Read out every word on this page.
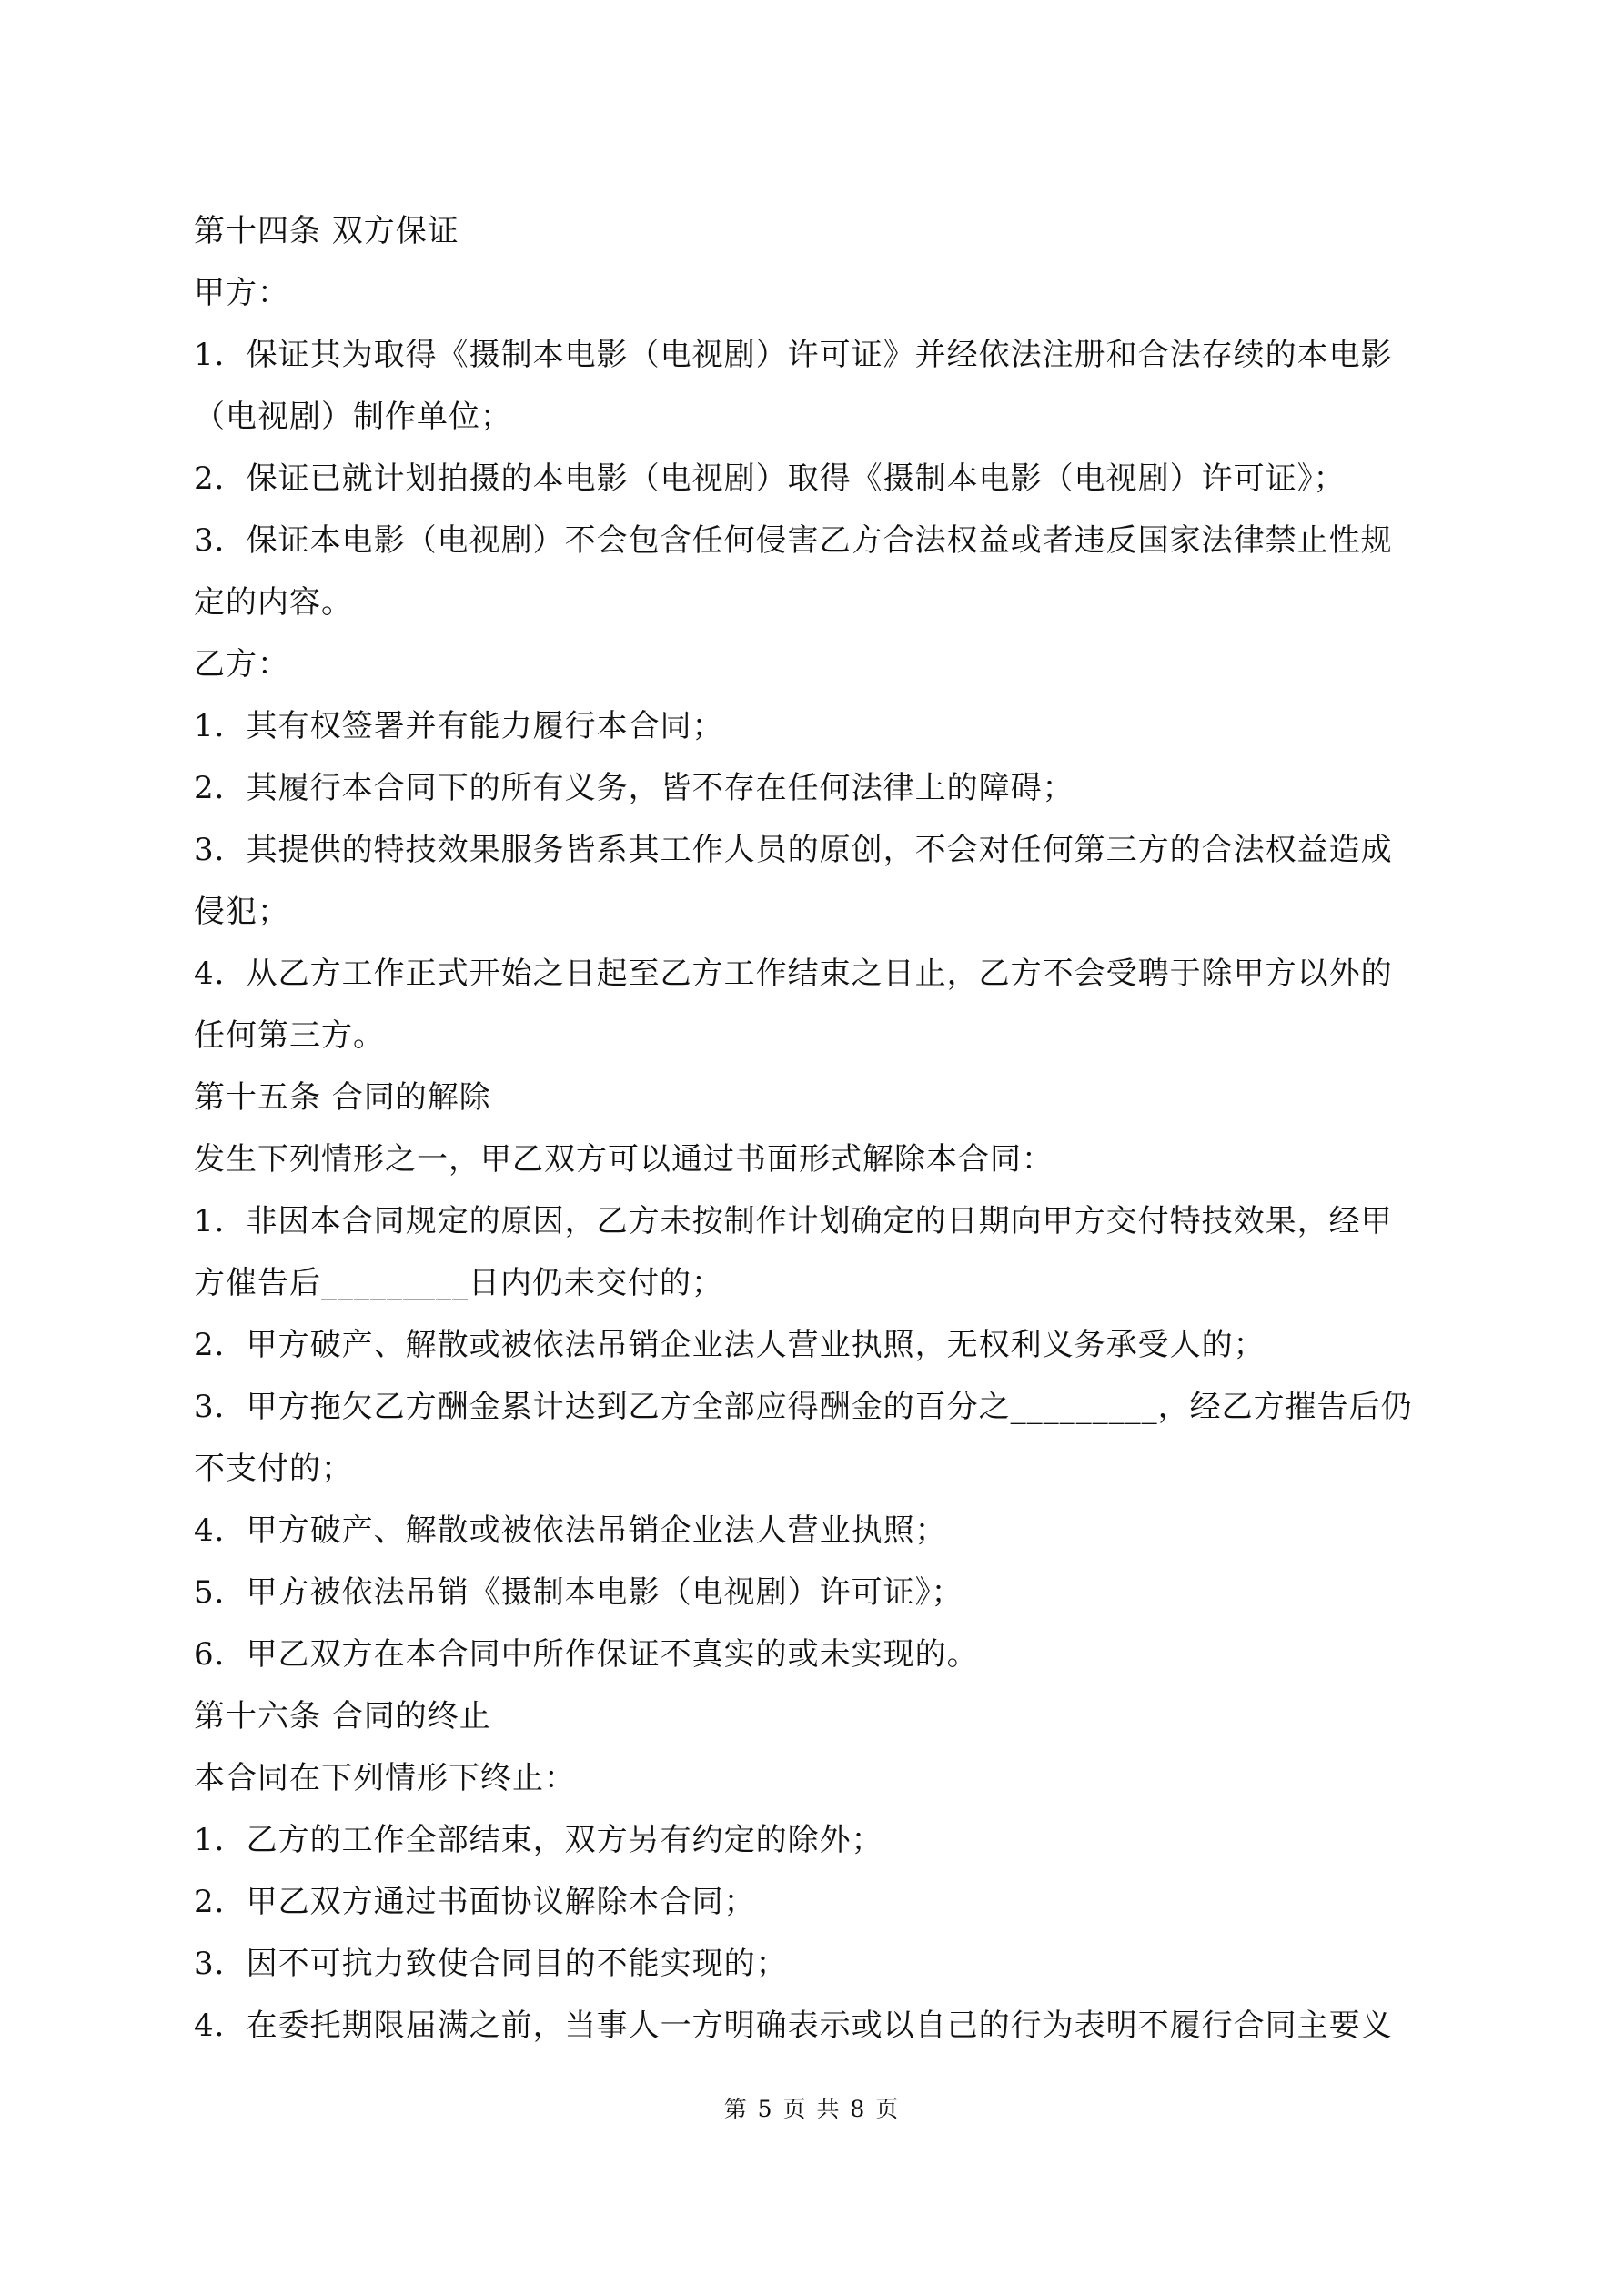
第十四条 双方保证
甲方：
1．保证其为取得《摄制本电影（电视剧）许可证》并经依法注册和合法存续的本电影
（电视剧）制作单位；
2．保证已就计划拍摄的本电影（电视剧）取得《摄制本电影（电视剧）许可证》；
3．保证本电影（电视剧）不会包含任何侵害乙方合法权益或者违反国家法律禁止性规
定的内容。
乙方：
1．其有权签署并有能力履行本合同；
2．其履行本合同下的所有义务，皆不存在任何法律上的障碍；
3．其提供的特技效果服务皆系其工作人员的原创，不会对任何第三方的合法权益造成
侵犯；
4．从乙方工作正式开始之日起至乙方工作结束之日止，乙方不会受聘于除甲方以外的
任何第三方。
第十五条 合同的解除
发生下列情形之一，甲乙双方可以通过书面形式解除本合同：
1．非因本合同规定的原因，乙方未按制作计划确定的日期向甲方交付特技效果，经甲
方催告后_________日内仍未交付的；
2．甲方破产、解散或被依法吊销企业法人营业执照，无权利义务承受人的；
3．甲方拖欠乙方酬金累计达到乙方全部应得酬金的百分之_________，经乙方摧告后仍
不支付的；
4．甲方破产、解散或被依法吊销企业法人营业执照；
5．甲方被依法吊销《摄制本电影（电视剧）许可证》；
6．甲乙双方在本合同中所作保证不真实的或未实现的。
第十六条 合同的终止
本合同在下列情形下终止：
1．乙方的工作全部结束，双方另有约定的除外；
2．甲乙双方通过书面协议解除本合同；
3．因不可抗力致使合同目的不能实现的；
4．在委托期限届满之前，当事人一方明确表示或以自己的行为表明不履行合同主要义
第 5 页 共 8 页
